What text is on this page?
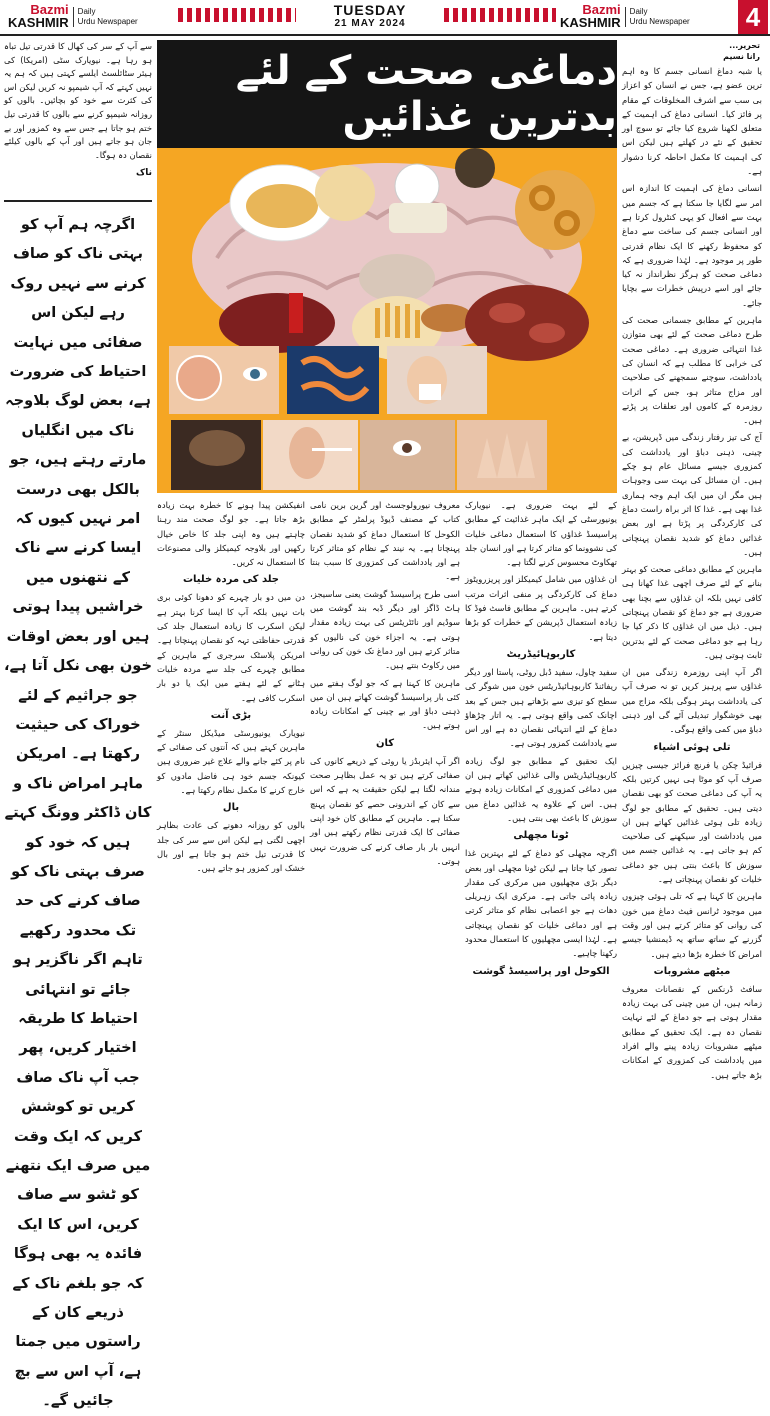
Bazmi
KASHMIR
Daily
Urdu Newspaper
TUESDAY
21 MAY 2024
Bazmi
KASHMIR
Daily
Urdu Newspaper 4
تحریر...
رانا نسیم

یا شبہ دماغ انسانی جسم کا وہ اہم ترین عضو ہے، جس نے انسان کو اعزاز بی سب سے اشرف المخلوقات کے مقام پر فائز کیا۔ انسانی دماغ کی اہمیت کے متعلق لکھنا شروع کیا جائے تو سوچ اور تحقیق کے نئے در کھلتے ہیں لیکن اس کی اہمیت کا مکمل احاطہ کرنا دشوار ہے۔

انسانی دماغ کی اہمیت کا اندازہ اس امر سے لگایا جا سکتا ہے کہ جسم میں بہت سے افعال کو یہی کنٹرول کرتا ہے اور انسانی جسم کی ساخت سے دماغ کو محفوظ رکھنے کا ایک نظام قدرتی طور پر موجود ہے۔ لہٰذا ضروری ہے کہ دماغی صحت کو ہرگز نظرانداز نہ کیا جائے اور اسے درپیش خطرات سے بچایا جائے۔

ماہرین کے مطابق جسمانی صحت کی طرح دماغی صحت کے لئے بھی متوازن غذا انتہائی ضروری ہے۔ دماغی صحت کی خرابی کا مطلب ہے کہ انسان کی یادداشت، سوچنے سمجھنے کی صلاحیت اور مزاج متاثر ہو، جس کے اثرات روزمرہ کے کاموں اور تعلقات پر پڑتے ہیں۔

آج کی تیز رفتار زندگی میں ڈپریشن، بے چینی، ذہنی دباؤ اور یادداشت کی کمزوری جیسے مسائل عام ہو چکے ہیں۔ ان مسائل کی بہت سی وجوہات ہیں مگر ان میں ایک اہم وجہ ہماری غذا بھی ہے۔ غذا کا اثر براہ راست دماغ کی کارکردگی پر پڑتا ہے اور بعض غذائیں دماغ کو شدید نقصان پہنچاتی ہیں۔

ماہرین کے مطابق دماغی صحت کو بہتر بنانے کے لئے صرف اچھی غذا کھانا ہی کافی نہیں بلکہ ان غذاؤں سے بچنا بھی ضروری ہے جو دماغ کو نقصان پہنچاتی ہیں۔ ذیل میں ان غذاؤں کا ذکر کیا جا رہا ہے جو دماغی صحت کے لئے بدترین ثابت ہوتی ہیں۔

اگر آپ اپنی روزمرہ زندگی میں ان غذاؤں سے پرہیز کریں تو نہ صرف آپ کی یادداشت بہتر ہوگی بلکہ مزاج میں بھی خوشگوار تبدیلی آئے گی اور ذہنی دباؤ میں کمی واقع ہوگی۔

تلی ہوئی اشیاء

فرائیڈ چکن یا فرنچ فرائز جیسی چیزیں صرف آپ کو موٹا ہی نہیں کرتیں بلکہ یہ آپ کی دماغی صحت کو بھی نقصان دیتی ہیں۔ تحقیق کے مطابق جو لوگ زیادہ تلی ہوئی غذائیں کھاتے ہیں ان میں یادداشت اور سیکھنے کی صلاحیت کم ہو جاتی ہے۔ یہ غذائیں جسم میں سوزش کا باعث بنتی ہیں جو دماغی خلیات کو نقصان پہنچاتی ہے۔

ماہرین کا کہنا ہے کہ تلی ہوئی چیزوں میں موجود ٹرانس فیٹ دماغ میں خون کی روانی کو متاثر کرتے ہیں اور وقت گزرنے کے ساتھ ساتھ یہ ڈیمنشیا جیسے امراض کا خطرہ بڑھا دیتے ہیں۔

میٹھے مشروبات

سافٹ ڈرنکس کے نقصانات معروف زمانہ ہیں، ان میں چینی کی بہت زیادہ مقدار ہوتی ہے جو دماغ کے لئے نہایت نقصان دہ ہے۔ ایک تحقیق کے مطابق میٹھے مشروبات زیادہ پینے والے افراد میں یادداشت کی کمزوری کے امکانات بڑھ جاتے ہیں۔

سے آپ کے سر کی کھال کا قدرتی تیل تباہ ہو رہا ہے۔ نیویارک سٹی (امریکا) کی ہیئر سٹائلسٹ ایلسے کہتی ہیں کہ ہم یہ نہیں کہتے کہ آپ شیمپو نہ کریں لیکن اس کی کثرت سے خود کو بچائیں۔ بالوں کو روزانہ شیمپو کرنے سے بالوں کا قدرتی تیل ختم ہو جاتا ہے جس سے وہ کمزور اور بے جان ہو جاتے ہیں اور آپ کے بالوں کیلئے نقصان دہ ہوگا۔

ناک

اگرچہ ہم آپ کو بہتی ناک کو صاف کرنے سے نہیں روک رہے لیکن اس صفائی میں نہایت احتیاط کی ضرورت ہے، بعض لوگ بلاوجہ ناک میں انگلیاں مارتے رہتے ہیں، جو بالکل بھی درست امر نہیں کیوں کہ ایسا کرنے سے ناک کے نتھنوں میں خراشیں پیدا ہوتی ہیں اور بعض اوقات خون بھی نکل آتا ہے، جو جراثیم کے لئے خوراک کی حیثیت رکھتا ہے۔ امریکن ماہر امراض ناک و کان ڈاکٹر وونگ کہتے ہیں کہ خود کو صرف بہتی ناک کو صاف کرنے کی حد تک محدود رکھیے تاہم اگر ناگزیر ہو جائے تو انتہائی احتیاط کا طریقہ اختیار کریں، پھر جب آپ ناک صاف کریں تو کوشش کریں کہ ایک وقت میں صرف ایک نتھنے کو ٹشو سے صاف کریں، اس کا ایک فائدہ یہ بھی ہوگا کہ جو بلغم ناک کے ذریعے کان کے راستوں میں جمتا ہے، آپ اس سے بچ جائیں گے۔

دماغی صحت کے لئے بدترین غذائیں

کے لئے بہت ضروری ہے۔ نیویارک یونیورسٹی کے ایک ماہر غذائیت کے مطابق پراسیسڈ غذاؤں کا استعمال دماغی خلیات کی نشوونما کو متاثر کرتا ہے اور انسان جلد تھکاوٹ محسوس کرنے لگتا ہے۔

ان غذاؤں میں شامل کیمیکلز اور پریزرویٹوز دماغ کی کارکردگی پر منفی اثرات مرتب کرتے ہیں۔ ماہرین کے مطابق فاسٹ فوڈ کا زیادہ استعمال ڈپریشن کے خطرات کو بڑھا دیتا ہے۔

کاربوہائیڈریٹ

سفید چاول، سفید ڈبل روٹی، پاستا اور دیگر ریفائنڈ کاربوہائیڈریٹس خون میں شوگر کی سطح کو تیزی سے بڑھاتے ہیں جس کے بعد اچانک کمی واقع ہوتی ہے۔ یہ اتار چڑھاؤ دماغ کے لئے انتہائی نقصان دہ ہے اور اس سے یادداشت کمزور ہوتی ہے۔

ایک تحقیق کے مطابق جو لوگ زیادہ کاربوہائیڈریٹس والی غذائیں کھاتے ہیں ان میں دماغی کمزوری کے امکانات زیادہ ہوتے ہیں۔ اس کے علاوہ یہ غذائیں دماغ میں سوزش کا باعث بھی بنتی ہیں۔

ٹونا مچھلی

اگرچہ مچھلی کو دماغ کے لئے بہترین غذا تصور کیا جاتا ہے لیکن ٹونا مچھلی اور بعض دیگر بڑی مچھلیوں میں مرکری کی مقدار زیادہ پائی جاتی ہے۔ مرکری ایک زہریلی دھات ہے جو اعصابی نظام کو متاثر کرتی ہے اور دماغی خلیات کو نقصان پہنچاتی ہے۔ لہٰذا ایسی مچھلیوں کا استعمال محدود رکھنا چاہیے۔

الکوحل اور پراسیسڈ گوشت

معروف نیورولوجسٹ اور گرین برین نامی کتاب کے مصنف ڈیوڈ پرلمٹر کے مطابق الکوحل کا استعمال دماغ کو شدید نقصان پہنچاتا ہے۔ یہ نیند کے نظام کو متاثر کرتا ہے اور یادداشت کی کمزوری کا سبب بنتا ہے۔

اسی طرح پراسیسڈ گوشت یعنی ساسیجز، ہاٹ ڈاگز اور دیگر ڈبہ بند گوشت میں سوڈیم اور نائٹریٹس کی بہت زیادہ مقدار ہوتی ہے۔ یہ اجزاء خون کی نالیوں کو متاثر کرتے ہیں اور دماغ تک خون کی روانی میں رکاوٹ بنتے ہیں۔

ماہرین کا کہنا ہے کہ جو لوگ ہفتے میں کئی بار پراسیسڈ گوشت کھاتے ہیں ان میں ذہنی دباؤ اور بے چینی کے امکانات زیادہ ہوتے ہیں۔

کان

اگر آپ ایئربڈز یا روئی کے ذریعے کانوں کی صفائی کرتے ہیں تو یہ عمل بظاہر صحت مندانہ لگتا ہے لیکن حقیقت یہ ہے کہ اس سے کان کے اندرونی حصے کو نقصان پہنچ سکتا ہے۔ ماہرین کے مطابق کان خود اپنی صفائی کا ایک قدرتی نظام رکھتے ہیں اور انہیں بار بار صاف کرنے کی ضرورت نہیں ہوتی۔

انفیکشن پیدا ہونے کا خطرہ بہت زیادہ بڑھ جاتا ہے۔ جو لوگ صحت مند رہنا چاہتے ہیں وہ اپنی جلد کا خاص خیال رکھیں اور بلاوجہ کیمیکلز والی مصنوعات کا استعمال نہ کریں۔

جلد کی مردہ خلیات

دن میں دو بار چہرے کو دھونا کوئی بری بات نہیں بلکہ آپ کا ایسا کرنا بہتر ہے لیکن اسکرب کا زیادہ استعمال جلد کی قدرتی حفاظتی تہہ کو نقصان پہنچاتا ہے۔ امریکن پلاسٹک سرجری کے ماہرین کے مطابق چہرے کی جلد سے مردہ خلیات ہٹانے کے لئے ہفتے میں ایک یا دو بار اسکرب کافی ہے۔

بڑی آنت

نیویارک یونیورسٹی میڈیکل سنٹر کے ماہرین کہتے ہیں کہ آنتوں کی صفائی کے نام پر کئے جانے والے علاج غیر ضروری ہیں کیونکہ جسم خود ہی فاضل مادوں کو خارج کرنے کا مکمل نظام رکھتا ہے۔

بال

بالوں کو روزانہ دھونے کی عادت بظاہر اچھی لگتی ہے لیکن اس سے سر کی جلد کا قدرتی تیل ختم ہو جاتا ہے اور بال خشک اور کمزور ہو جاتے ہیں۔
